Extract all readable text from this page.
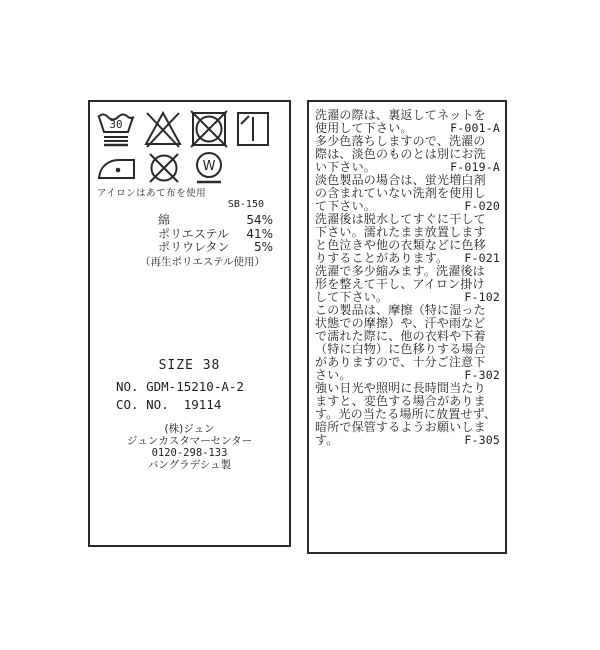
30
W
アイロンはあて布を使用
SB-150
綿	54%
ポリエステル 41%
ポリウレタン 5%
（再生ポリエステル使用）
SIZE 38
NO. GDM-15210-A-2
CO. NO.  19114
(株)ジュン
ジュンカスタマーセンター
0120-298-133
バングラデシュ製
洗濯の際は、裏返してネットを
使用して下さい。	F-001-A
多少色落ちしますので、洗濯の
際は、淡色のものとは別にお洗
い下さい。	F-019-A
淡色製品の場合は、蛍光増白剤
の含まれていない洗剤を使用し
て下さい。	F-020
洗濯後は脱水してすぐに干して
下さい。濡れたまま放置します
と色泣きや他の衣類などに色移
りすることがあります。 F-021
洗濯で多少縮みます。洗濯後は
形を整えて干し、アイロン掛け
して下さい。	F-102
この製品は、摩擦（特に湿った
状態での摩擦）や、汗や雨など
で濡れた際に、他の衣料や下着
（特に白物）に色移りする場合
がありますので、十分ご注意下
さい。	F-302
強い日光や照明に長時間当たり
ますと、変色する場合がありま
す。光の当たる場所に放置せず、
暗所で保管するようお願いしま
す。	F-305
